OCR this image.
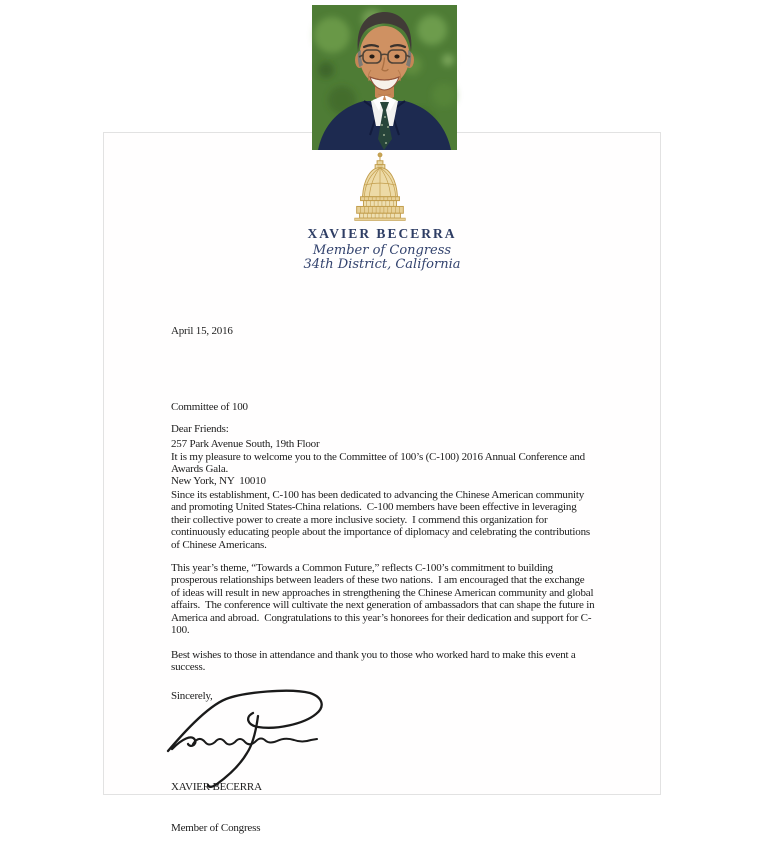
XAVIER BECERRA
Member of Congress
34th District, California

April 15, 2016

Committee of 100

257 Park Avenue South, 19th Floor

New York, NY  10010

Dear Friends:

It is my pleasure to welcome you to the Committee of 100’s (C-100) 2016 Annual Conference and Awards Gala.

Since its establishment, C-100 has been dedicated to advancing the Chinese American community and promoting United States-China relations.  C-100 members have been effective in leveraging their collective power to create a more inclusive society.  I commend this organization for continuously educating people about the importance of diplomacy and celebrating the contributions of Chinese Americans.

This year’s theme, “Towards a Common Future,” reflects C-100’s commitment to building prosperous relationships between leaders of these two nations.  I am encouraged that the exchange of ideas will result in new approaches in strengthening the Chinese American community and global affairs.  The conference will cultivate the next generation of ambassadors that can shape the future in America and abroad.  Congratulations to this year’s honorees for their dedication and support for C-100.

Best wishes to those in attendance and thank you to those who worked hard to make this event a success.

Sincerely,

XAVIER BECERRA

Member of Congress
